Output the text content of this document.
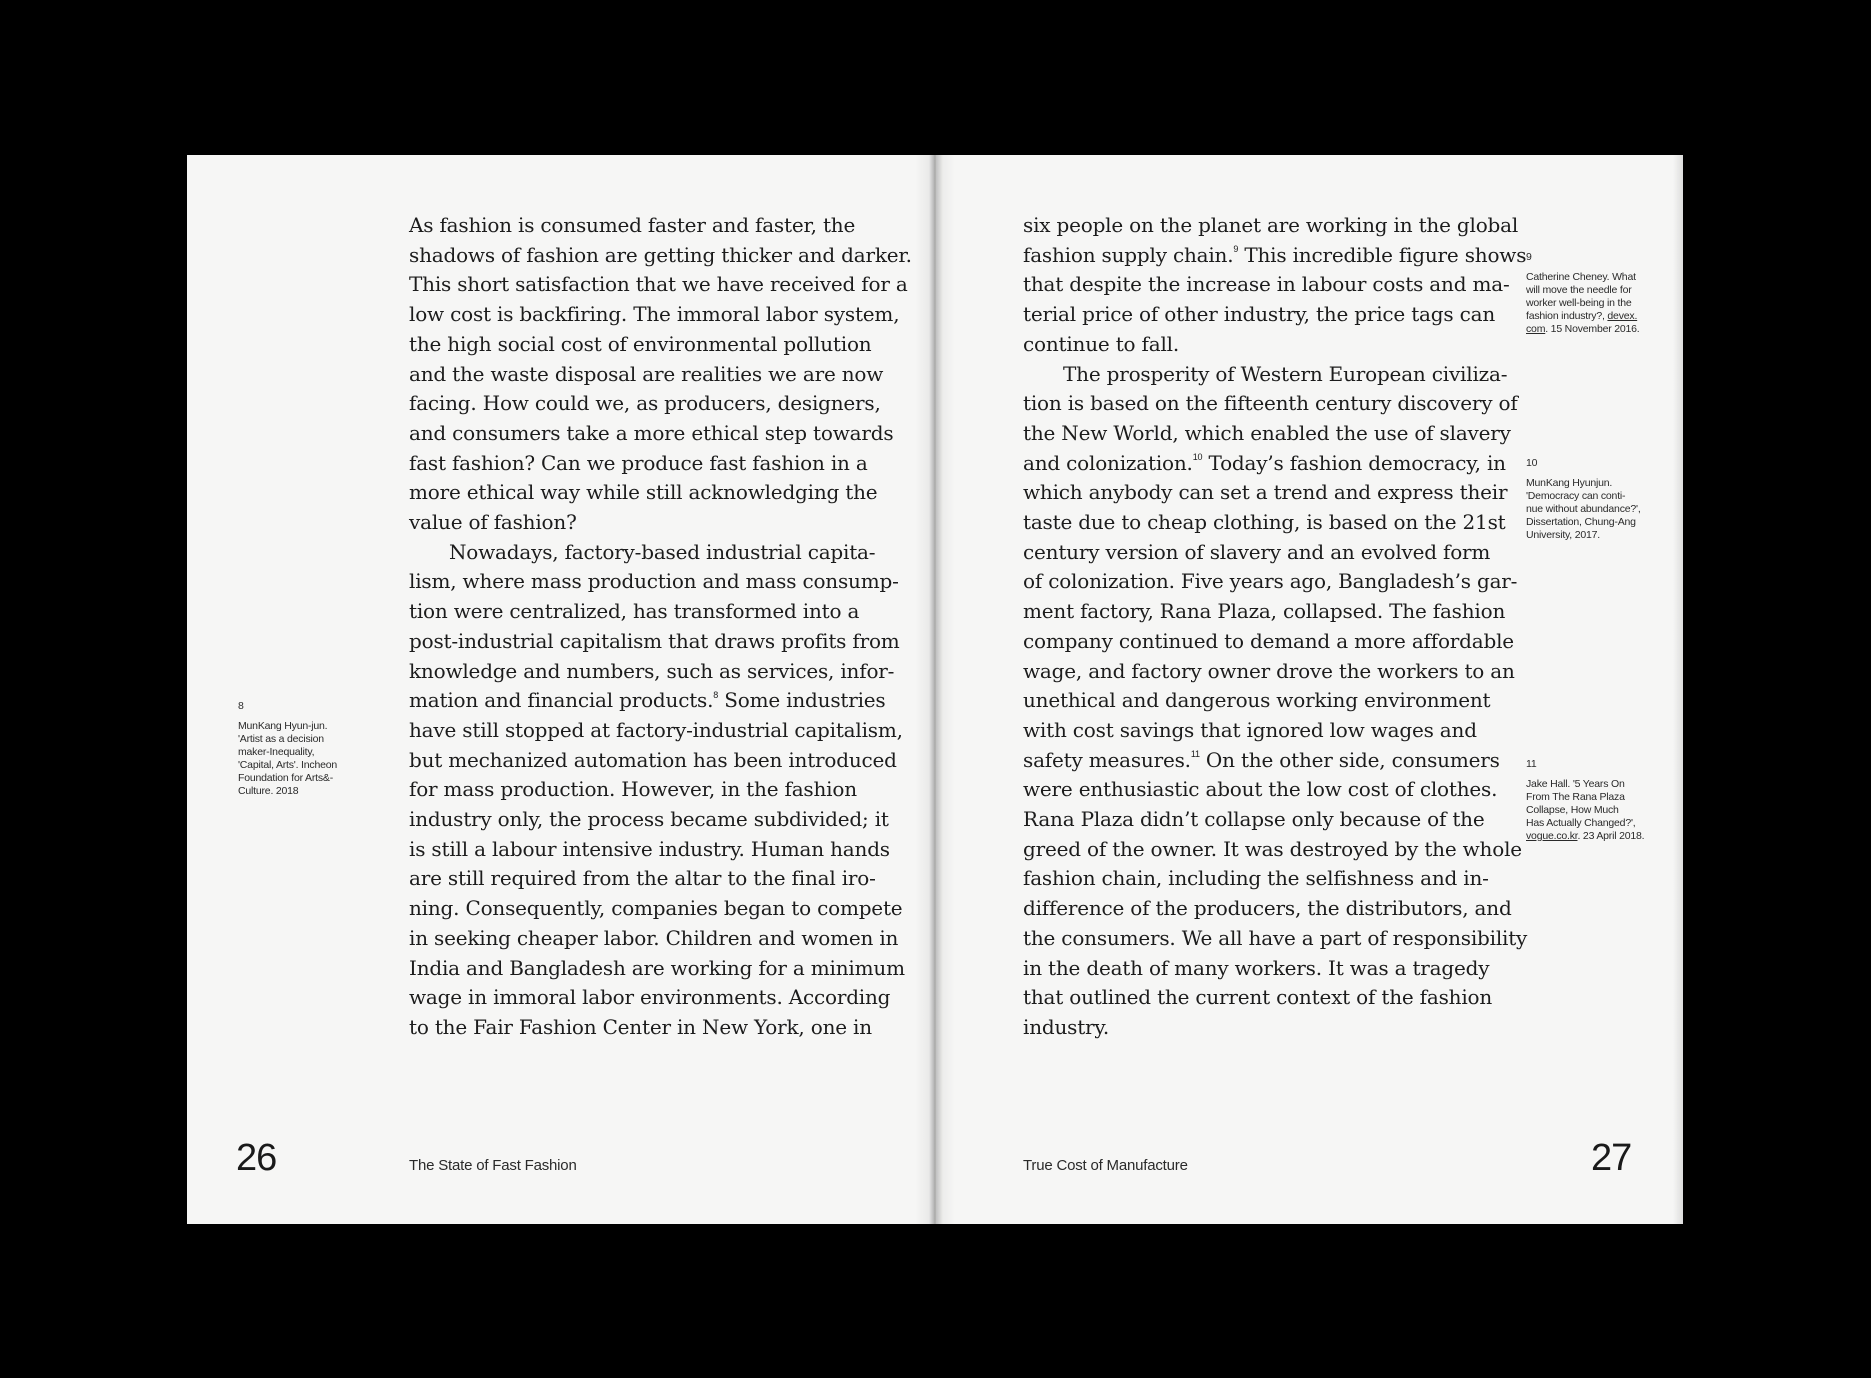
As fashion is consumed faster and faster, the
shadows of fashion are getting thicker and darker.
This short satisfaction that we have received for a
low cost is backfiring. The immoral labor system,
the high social cost of environmental pollution
and the waste disposal are realities we are now
facing. How could we, as producers, designers,
and consumers take a more ethical step towards
fast fashion? Can we produce fast fashion in a
more ethical way while still acknowledging the
value of fashion?
Nowadays, factory-based industrial capita-
lism, where mass production and mass consump-
tion were centralized, has transformed into a
post-industrial capitalism that draws profits from
knowledge and numbers, such as services, infor-
mation and financial products.$^8$ Some industries
have still stopped at factory-industrial capitalism,
but mechanized automation has been introduced
for mass production. However, in the fashion
industry only, the process became subdivided; it
is still a labour intensive industry. Human hands
are still required from the altar to the final iro-
ning. Consequently, companies began to compete
in seeking cheaper labor. Children and women in
India and Bangladesh are working for a minimum
wage in immoral labor environments. According
to the Fair Fashion Center in New York, one in
8
MunKang Hyun-jun.
'Artist as a decision
maker-Inequality,
'Capital, Arts'. Incheon
Foundation for Arts&-
Culture. 2018
26	The State of Fast Fashion
six people on the planet are working in the global
fashion supply chain.$^9$ This incredible figure shows
that despite the increase in labour costs and ma-
terial price of other industry, the price tags can
continue to fall.
The prosperity of Western European civiliza-
tion is based on the fifteenth century discovery of
the New World, which enabled the use of slavery
and colonization.$^{10}$ Today’s fashion democracy, in
which anybody can set a trend and express their
taste due to cheap clothing, is based on the 21st
century version of slavery and an evolved form
of colonization. Five years ago, Bangladesh’s gar-
ment factory, Rana Plaza, collapsed. The fashion
company continued to demand a more affordable
wage, and factory owner drove the workers to an
unethical and dangerous working environment
with cost savings that ignored low wages and
safety measures.$^{11}$ On the other side, consumers
were enthusiastic about the low cost of clothes.
Rana Plaza didn’t collapse only because of the
greed of the owner. It was destroyed by the whole
fashion chain, including the selfishness and in-
difference of the producers, the distributors, and
the consumers. We all have a part of responsibility
in the death of many workers. It was a tragedy
that outlined the current context of the fashion
industry.
9
Catherine Cheney. What
will move the needle for
worker well-being in the
fashion industry?, devex.
com. 15 November 2016.
10
MunKang Hyunjun.
'Democracy can conti-
nue without abundance?',
Dissertation, Chung-Ang
University, 2017.
11
Jake Hall. '5 Years On
From The Rana Plaza
Collapse, How Much
Has Actually Changed?',
vogue.co.kr. 23 April 2018.
True Cost of Manufacture	27
